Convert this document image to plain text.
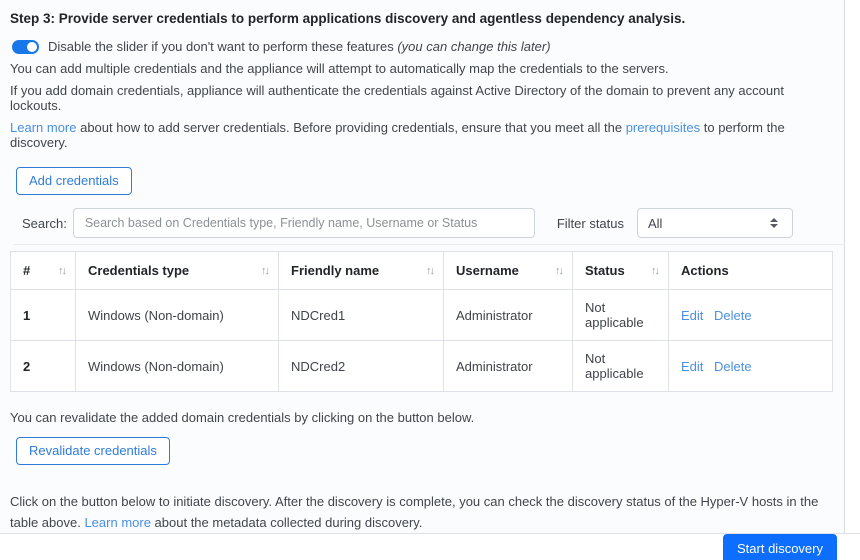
Step 3: Provide server credentials to perform applications discovery and agentless dependency analysis.
Disable the slider if you don't want to perform these features (you can change this later)

You can add multiple credentials and the appliance will attempt to automatically map the credentials to the servers.

If you add domain credentials, appliance will authenticate the credentials against Active Directory of the domain to prevent any account lockouts.

Learn more about how to add server credentials. Before providing credentials, ensure that you meet all the prerequisites to perform the discovery.

Add credentials
Search:
Search based on Credentials type, Friendly name, Username or Status	Filter status All
# ↑↓	Credentials type ↑↓	Friendly name ↑↓	Username ↑↓	Status ↑↓	Actions

1	Windows (Non-domain)	NDCred1	Administrator	Not applicable	Edit Delete
2	Windows (Non-domain)	NDCred2	Administrator	Not applicable	Edit Delete

You can revalidate the added domain credentials by clicking on the button below.

Revalidate credentials

Click on the button below to initiate discovery. After the discovery is complete, you can check the discovery status of the Hyper-V hosts in the table above. Learn more about the metadata collected during discovery.

Start discovery
